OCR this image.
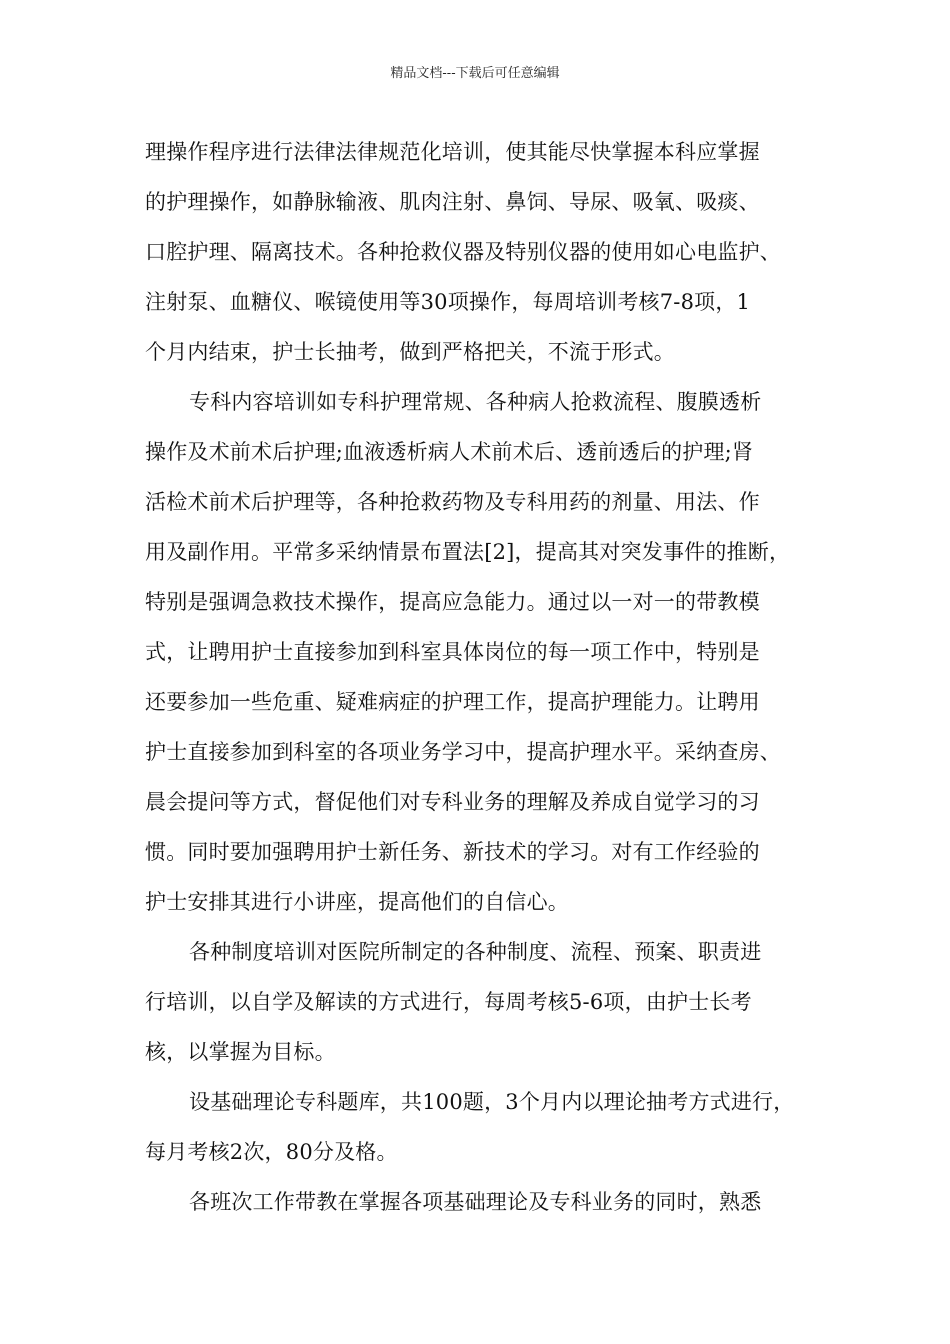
精品文档---下载后可任意编辑
理操作程序进行法律法律规范化培训，使其能尽快掌握本科应掌握
的护理操作，如静脉输液、肌肉注射、鼻饲、导尿、吸氧、吸痰、
口腔护理、隔离技术。各种抢救仪器及特别仪器的使用如心电监护、
注射泵、血糖仪、喉镜使用等30项操作，每周培训考核7-8项，1
个月内结束，护士长抽考，做到严格把关，不流于形式。
专科内容培训如专科护理常规、各种病人抢救流程、腹膜透析
操作及术前术后护理;血液透析病人术前术后、透前透后的护理;肾
活检术前术后护理等，各种抢救药物及专科用药的剂量、用法、作
用及副作用。平常多采纳情景布置法[2]，提高其对突发事件的推断，
特别是强调急救技术操作，提高应急能力。通过以一对一的带教模
式，让聘用护士直接参加到科室具体岗位的每一项工作中，特别是
还要参加一些危重、疑难病症的护理工作，提高护理能力。让聘用
护士直接参加到科室的各项业务学习中，提高护理水平。采纳查房、
晨会提问等方式，督促他们对专科业务的理解及养成自觉学习的习
惯。同时要加强聘用护士新任务、新技术的学习。对有工作经验的
护士安排其进行小讲座，提高他们的自信心。
各种制度培训对医院所制定的各种制度、流程、预案、职责进
行培训，以自学及解读的方式进行，每周考核5-6项，由护士长考
核，以掌握为目标。
设基础理论专科题库，共100题，3个月内以理论抽考方式进行，
每月考核2次，80分及格。
各班次工作带教在掌握各项基础理论及专科业务的同时，熟悉
